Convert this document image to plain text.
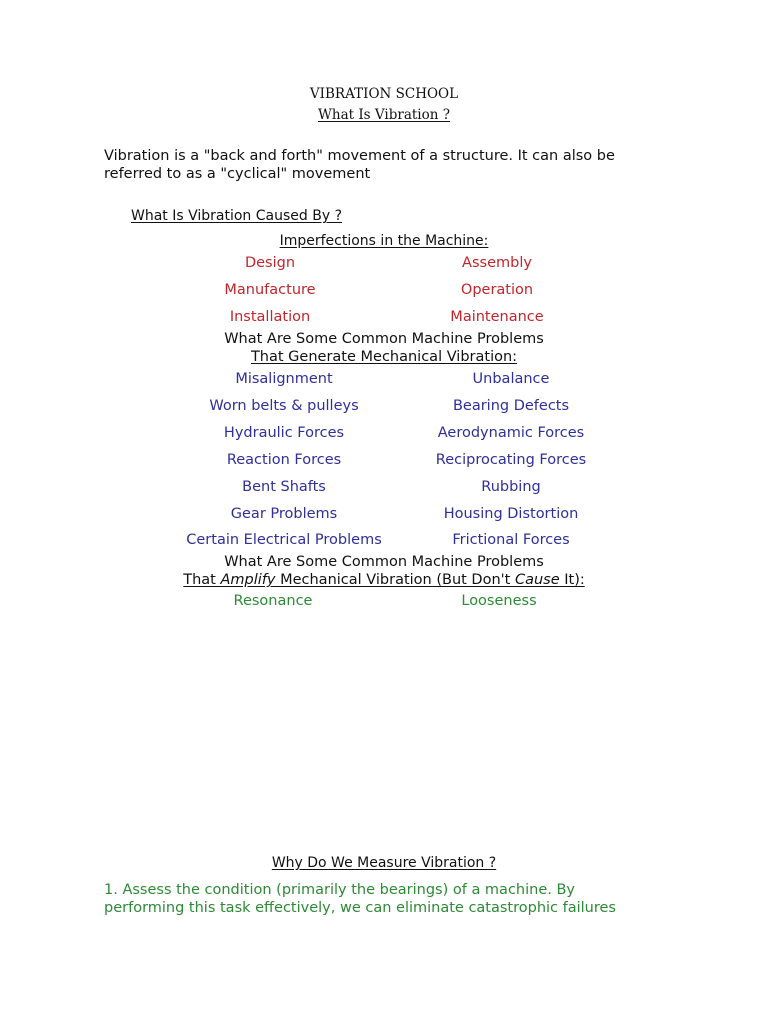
VIBRATION SCHOOL
What Is Vibration ?
Vibration is a "back and forth" movement of a structure. It can also be
referred to as a "cyclical" movement
What Is Vibration Caused By ?
Imperfections in the Machine:
Design
Manufacture
Installation
Assembly
Operation
Maintenance
What Are Some Common Machine Problems
That Generate Mechanical Vibration:
Misalignment
Worn belts & pulleys
Hydraulic Forces
Reaction Forces
Bent Shafts
Gear Problems
Certain Electrical Problems
Unbalance
Bearing Defects
Aerodynamic Forces
Reciprocating Forces
Rubbing
Housing Distortion
Frictional Forces
What Are Some Common Machine Problems
That Amplify Mechanical Vibration (But Don't Cause It):
Resonance	Looseness
Why Do We Measure Vibration ?
1. Assess the condition (primarily the bearings) of a machine. By
performing this task effectively, we can eliminate catastrophic failures
